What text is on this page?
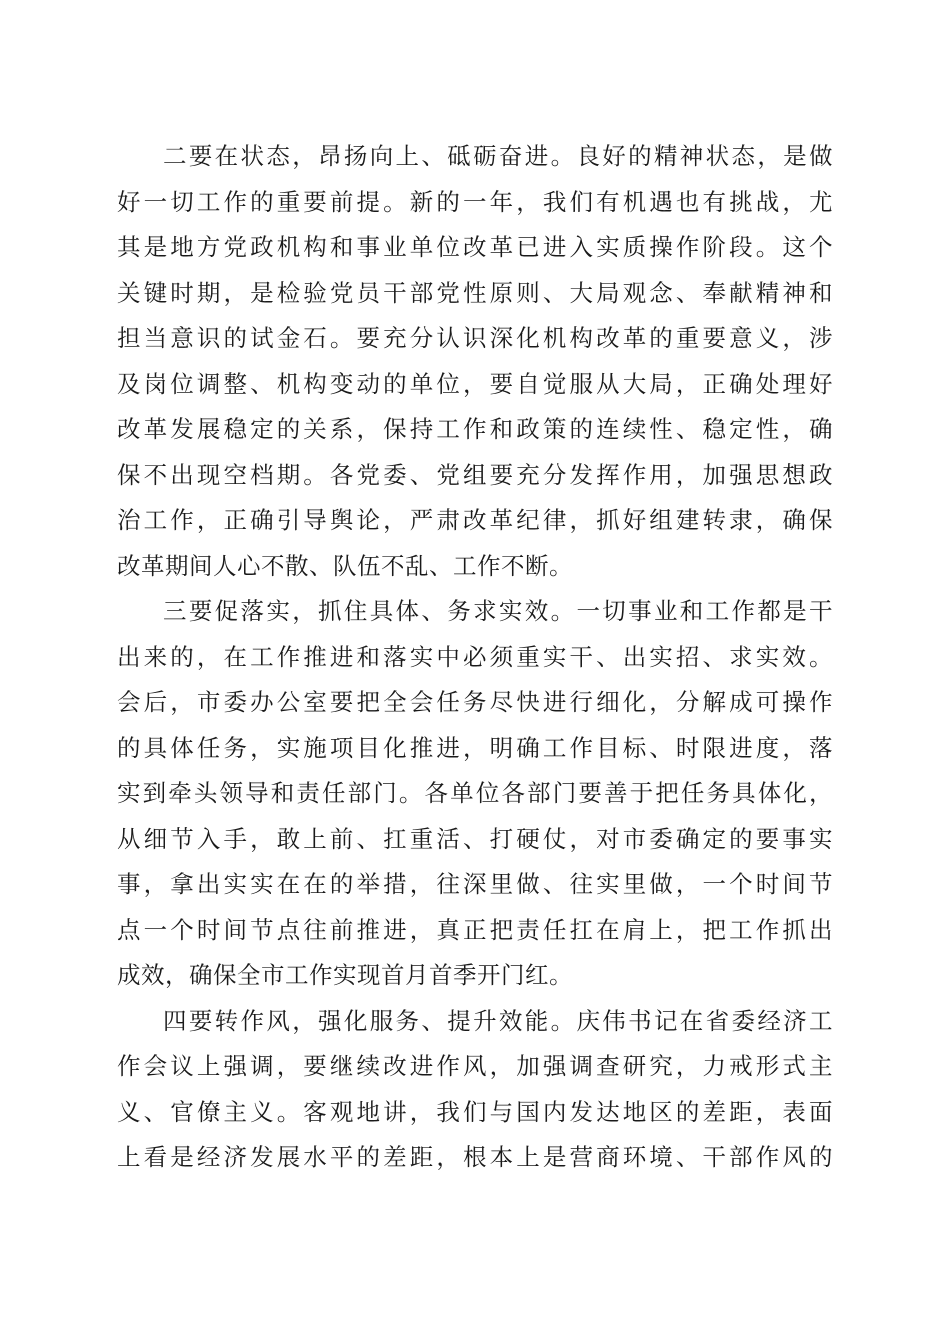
二要在状态，昂扬向上、砥砺奋进。良好的精神状态，是做
好一切工作的重要前提。新的一年，我们有机遇也有挑战，尤
其是地方党政机构和事业单位改革已进入实质操作阶段。这个
关键时期，是检验党员干部党性原则、大局观念、奉献精神和
担当意识的试金石。要充分认识深化机构改革的重要意义，涉
及岗位调整、机构变动的单位，要自觉服从大局，正确处理好
改革发展稳定的关系，保持工作和政策的连续性、稳定性，确
保不出现空档期。各党委、党组要充分发挥作用，加强思想政
治工作，正确引导舆论，严肃改革纪律，抓好组建转隶，确保
改革期间人心不散、队伍不乱、工作不断。
三要促落实，抓住具体、务求实效。一切事业和工作都是干
出来的，在工作推进和落实中必须重实干、出实招、求实效。
会后，市委办公室要把全会任务尽快进行细化，分解成可操作
的具体任务，实施项目化推进，明确工作目标、时限进度，落
实到牵头领导和责任部门。各单位各部门要善于把任务具体化，
从细节入手，敢上前、扛重活、打硬仗，对市委确定的要事实
事，拿出实实在在的举措，往深里做、往实里做，一个时间节
点一个时间节点往前推进，真正把责任扛在肩上，把工作抓出
成效，确保全市工作实现首月首季开门红。
四要转作风，强化服务、提升效能。庆伟书记在省委经济工
作会议上强调，要继续改进作风，加强调查研究，力戒形式主
义、官僚主义。客观地讲，我们与国内发达地区的差距，表面
上看是经济发展水平的差距，根本上是营商环境、干部作风的
